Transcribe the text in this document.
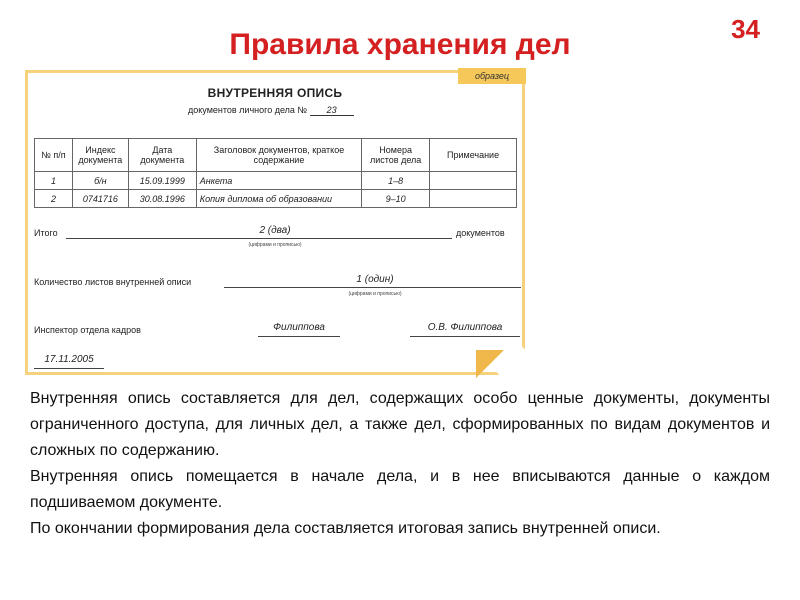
34
Правила хранения дел
образец
ВНУТРЕННЯЯ ОПИСЬ
документов личного дела № 23
№ п/п	Индекс документа	Дата документа	Заголовок документов, краткое содержание	Номера листов дела	Примечание
1	б/н	15.09.1999	Анкета	1–8	
2	0741716	30.08.1996	Копия диплома об образовании	9–10	
Итого	2 (два)	документов
(цифрами и прописью)
Количество листов внутренней описи	1 (один)
(цифрами и прописью)
Инспектор отдела кадров	Филиппова	О.В. Филиппова
17.11.2005

Внутренняя опись составляется для дел, содержащих особо ценные документы, документы ограниченного доступа, для личных дел, а также дел, сформированных по видам документов и сложных по содержанию.

Внутренняя опись помещается в начале дела, и в нее вписываются данные о каждом подшиваемом документе.

По окончании формирования дела составляется итоговая запись внутренней описи.
